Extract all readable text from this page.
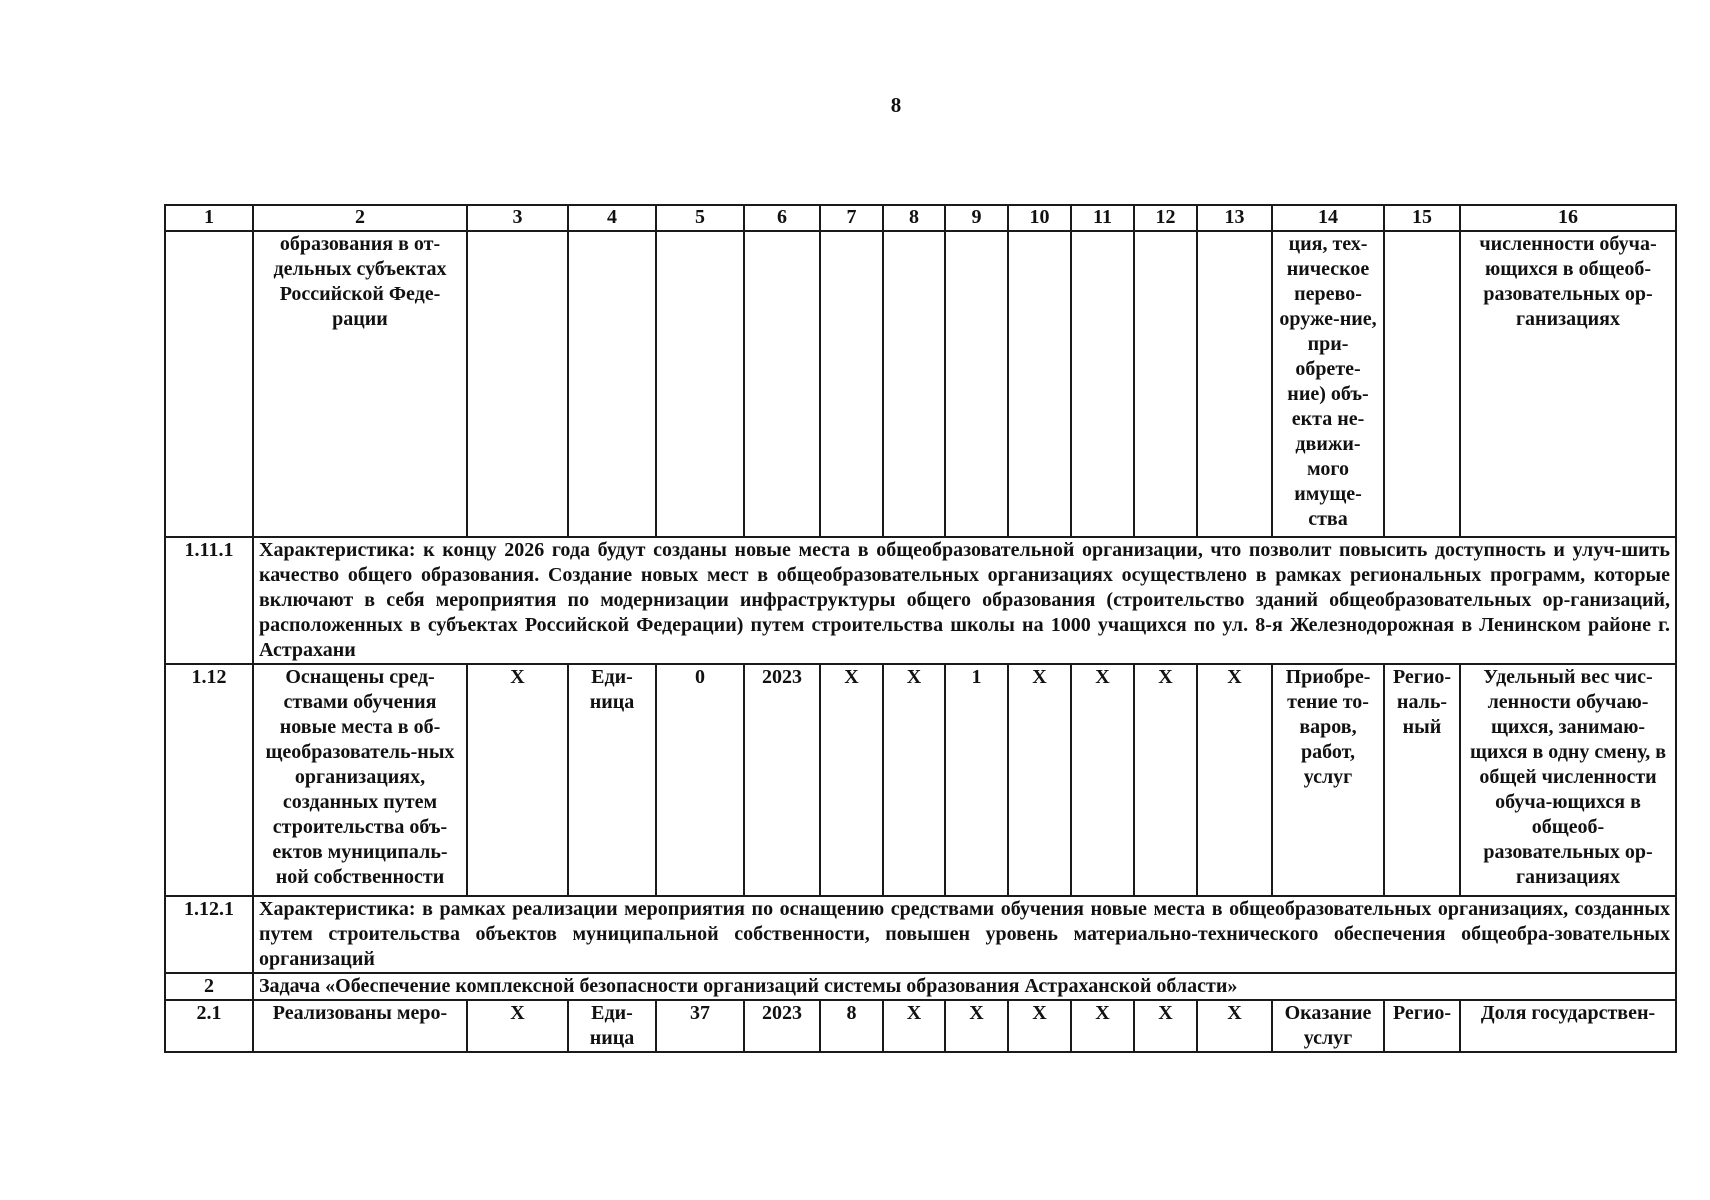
8
1	2	3	4	5	6	7	8	9	10	11	12	13	14	15	16
	образования в от-дельных субъектах Российской Феде-рации												ция, тех-ническое перево-оруже-ние, при-обрете-ние) объ-екта не-движи-мого имуще-ства		численности обуча-ющихся в общеоб-разовательных ор-ганизациях
1.11.1	Характеристика: к концу 2026 года будут созданы новые места в общеобразовательной организации, что позволит повысить доступность и улуч-шить качество общего образования. Создание новых мест в общеобразовательных организациях осуществлено в рамках региональных программ, которые включают в себя мероприятия по модернизации инфраструктуры общего образования (строительство зданий общеобразовательных ор-ганизаций, расположенных в субъектах Российской Федерации) путем строительства школы на 1000 учащихся по ул. 8-я Железнодорожная в Ленинском районе г. Астрахани														
1.12	Оснащены сред-ствами обучения новые места в об-щеобразователь-ных организациях, созданных путем строительства объ-ектов муниципаль-ной собственности	X	Еди-ница	0	2023	X	X	1	X	X	X	X	Приобре-тение то-варов, работ, услуг	Регио-наль-ный	Удельный вес чис-ленности обучаю-щихся, занимаю-щихся в одну смену, в общей численности обуча-ющихся в общеоб-разовательных ор-ганизациях
1.12.1	Характеристика: в рамках реализации мероприятия по оснащению средствами обучения новые места в общеобразовательных организациях, созданных путем строительства объектов муниципальной собственности, повышен уровень материально-технического обеспечения общеобра-зовательных организаций														
2	Задача «Обеспечение комплексной безопасности организаций системы образования Астраханской области»														
2.1	Реализованы меро-	X	Еди-ница	37	2023	8	X	X	X	X	X	X	Оказание услуг	Регио-	Доля государствен-
